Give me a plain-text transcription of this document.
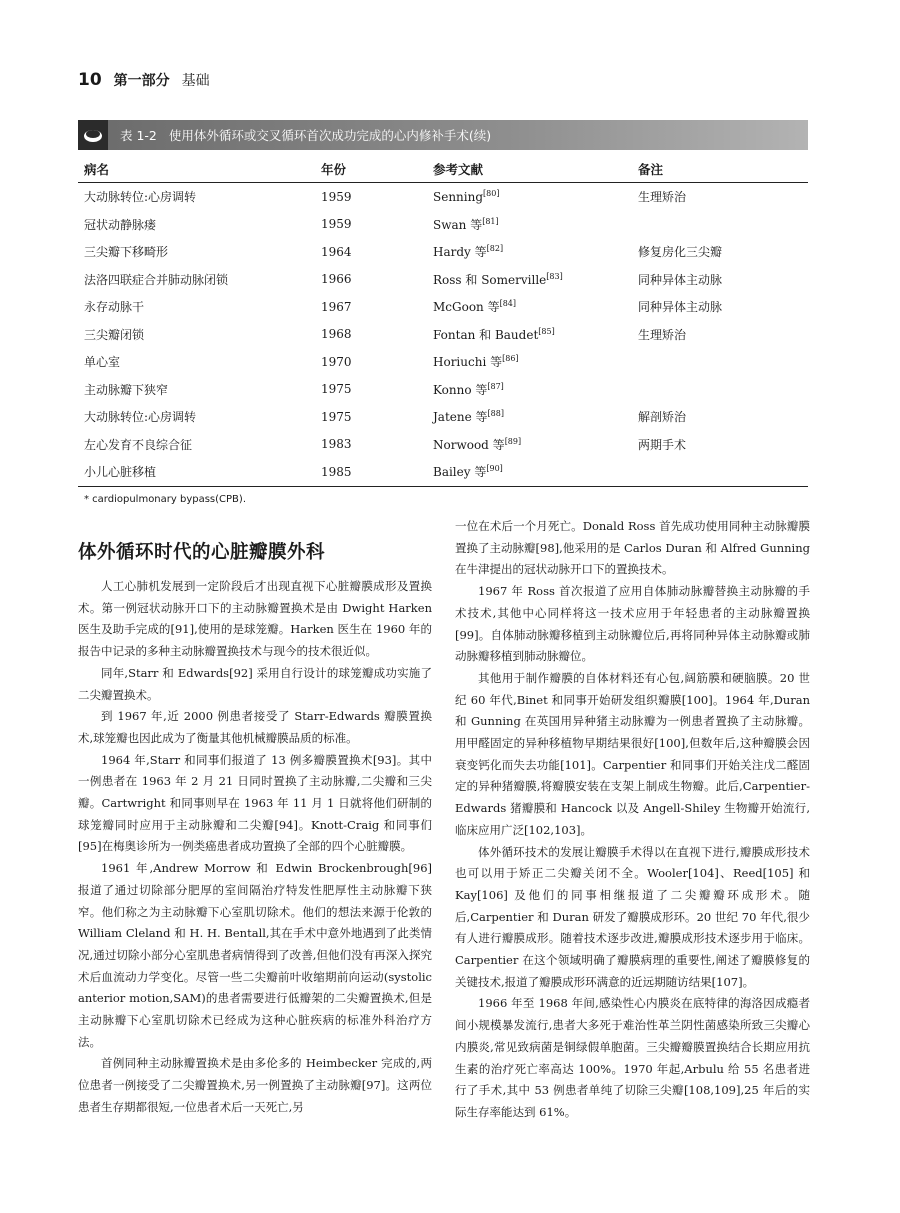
10 第一部分 基础
表 1-2 使用体外循环或交叉循环首次成功完成的心内修补手术(续)
病名	年份	参考文献	备注
大动脉转位:心房调转	1959	Senning[80]	生理矫治
冠状动静脉瘘	1959	Swan 等[81]	
三尖瓣下移畸形	1964	Hardy 等[82]	修复房化三尖瓣
法洛四联症合并肺动脉闭锁	1966	Ross 和 Somerville[83]	同种异体主动脉
永存动脉干	1967	McGoon 等[84]	同种异体主动脉
三尖瓣闭锁	1968	Fontan 和 Baudet[85]	生理矫治
单心室	1970	Horiuchi 等[86]	
主动脉瓣下狭窄	1975	Konno 等[87]	
大动脉转位:心房调转	1975	Jatene 等[88]	解剖矫治
左心发育不良综合征	1983	Norwood 等[89]	两期手术
小儿心脏移植	1985	Bailey 等[90]	
* cardiopulmonary bypass(CPB).
体外循环时代的心脏瓣膜外科

人工心肺机发展到一定阶段后才出现直视下心脏瓣膜成形及置换术。第一例冠状动脉开口下的主动脉瓣置换术是由 Dwight Harken 医生及助手完成的[91],使用的是球笼瓣。Harken 医生在 1960 年的报告中记录的多种主动脉瓣置换技术与现今的技术很近似。

同年,Starr 和 Edwards[92] 采用自行设计的球笼瓣成功实施了二尖瓣置换术。

到 1967 年,近 2000 例患者接受了 Starr-Edwards 瓣膜置换术,球笼瓣也因此成为了衡量其他机械瓣膜品质的标准。

1964 年,Starr 和同事们报道了 13 例多瓣膜置换术[93]。其中一例患者在 1963 年 2 月 21 日同时置换了主动脉瓣,二尖瓣和三尖瓣。Cartwright 和同事则早在 1963 年 11 月 1 日就将他们研制的球笼瓣同时应用于主动脉瓣和二尖瓣[94]。Knott-Craig 和同事们[95]在梅奥诊所为一例类癌患者成功置换了全部的四个心脏瓣膜。

1961 年,Andrew Morrow 和 Edwin Brockenbrough[96] 报道了通过切除部分肥厚的室间隔治疗特发性肥厚性主动脉瓣下狭窄。他们称之为主动脉瓣下心室肌切除术。他们的想法来源于伦敦的 William Cleland 和 H. H. Bentall,其在手术中意外地遇到了此类情况,通过切除小部分心室肌患者病情得到了改善,但他们没有再深入探究术后血流动力学变化。尽管一些二尖瓣前叶收缩期前向运动(systolic anterior motion,SAM)的患者需要进行低瓣架的二尖瓣置换术,但是主动脉瓣下心室肌切除术已经成为这种心脏疾病的标准外科治疗方法。

首例同种主动脉瓣置换术是由多伦多的 Heimbecker 完成的,两位患者一例接受了二尖瓣置换术,另一例置换了主动脉瓣[97]。这两位患者生存期都很短,一位患者术后一天死亡,另

一位在术后一个月死亡。Donald Ross 首先成功使用同种主动脉瓣膜置换了主动脉瓣[98],他采用的是 Carlos Duran 和 Alfred Gunning 在牛津提出的冠状动脉开口下的置换技术。

1967 年 Ross 首次报道了应用自体肺动脉瓣替换主动脉瓣的手术技术,其他中心同样将这一技术应用于年轻患者的主动脉瓣置换[99]。自体肺动脉瓣移植到主动脉瓣位后,再将同种异体主动脉瓣或肺动脉瓣移植到肺动脉瓣位。

其他用于制作瓣膜的自体材料还有心包,阔筋膜和硬脑膜。20 世纪 60 年代,Binet 和同事开始研发组织瓣膜[100]。1964 年,Duran 和 Gunning 在英国用异种猪主动脉瓣为一例患者置换了主动脉瓣。用甲醛固定的异种移植物早期结果很好[100],但数年后,这种瓣膜会因衰变钙化而失去功能[101]。Carpentier 和同事们开始关注戊二醛固定的异种猪瓣膜,将瓣膜安装在支架上制成生物瓣。此后,Carpentier-Edwards 猪瓣膜和 Hancock 以及 Angell-Shiley 生物瓣开始流行,临床应用广泛[102,103]。

体外循环技术的发展让瓣膜手术得以在直视下进行,瓣膜成形技术也可以用于矫正二尖瓣关闭不全。Wooler[104]、Reed[105] 和 Kay[106] 及他们的同事相继报道了二尖瓣瓣环成形术。随后,Carpentier 和 Duran 研发了瓣膜成形环。20 世纪 70 年代,很少有人进行瓣膜成形。随着技术逐步改进,瓣膜成形技术逐步用于临床。Carpentier 在这个领域明确了瓣膜病理的重要性,阐述了瓣膜修复的关键技术,报道了瓣膜成形环满意的近远期随访结果[107]。

1966 年至 1968 年间,感染性心内膜炎在底特律的海洛因成瘾者间小规模暴发流行,患者大多死于难治性革兰阴性菌感染所致三尖瓣心内膜炎,常见致病菌是铜绿假单胞菌。三尖瓣瓣膜置换结合长期应用抗生素的治疗死亡率高达 100%。1970 年起,Arbulu 给 55 名患者进行了手术,其中 53 例患者单纯了切除三尖瓣[108,109],25 年后的实际生存率能达到 61%。
